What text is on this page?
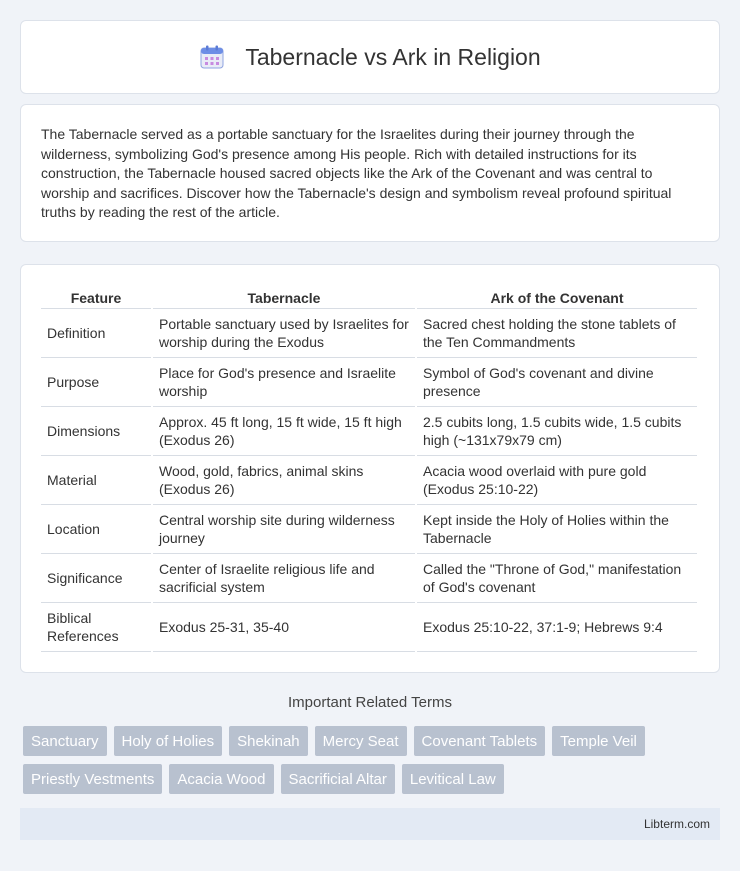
Tabernacle vs Ark in Religion

The Tabernacle served as a portable sanctuary for the Israelites during their journey through the wilderness, symbolizing God's presence among His people. Rich with detailed instructions for its construction, the Tabernacle housed sacred objects like the Ark of the Covenant and was central to worship and sacrifices. Discover how the Tabernacle's design and symbolism reveal profound spiritual truths by reading the rest of the article.

Feature	Tabernacle	Ark of the Covenant
Definition	Portable sanctuary used by Israelites for worship during the Exodus	Sacred chest holding the stone tablets of the Ten Commandments
Purpose	Place for God's presence and Israelite worship	Symbol of God's covenant and divine presence
Dimensions	Approx. 45 ft long, 15 ft wide, 15 ft high (Exodus 26)	2.5 cubits long, 1.5 cubits wide, 1.5 cubits high (~131x79x79 cm)
Material	Wood, gold, fabrics, animal skins (Exodus 26)	Acacia wood overlaid with pure gold (Exodus 25:10-22)
Location	Central worship site during wilderness journey	Kept inside the Holy of Holies within the Tabernacle
Significance	Center of Israelite religious life and sacrificial system	Called the "Throne of God," manifestation of God's covenant
Biblical References	Exodus 25-31, 35-40	Exodus 25:10-22, 37:1-9; Hebrews 9:4
Important Related Terms
Sanctuary	Holy of Holies	Shekinah	Mercy Seat	Covenant Tablets	Temple Veil
Priestly Vestments	Acacia Wood	Sacrificial Altar	Levitical Law
Libterm.com
